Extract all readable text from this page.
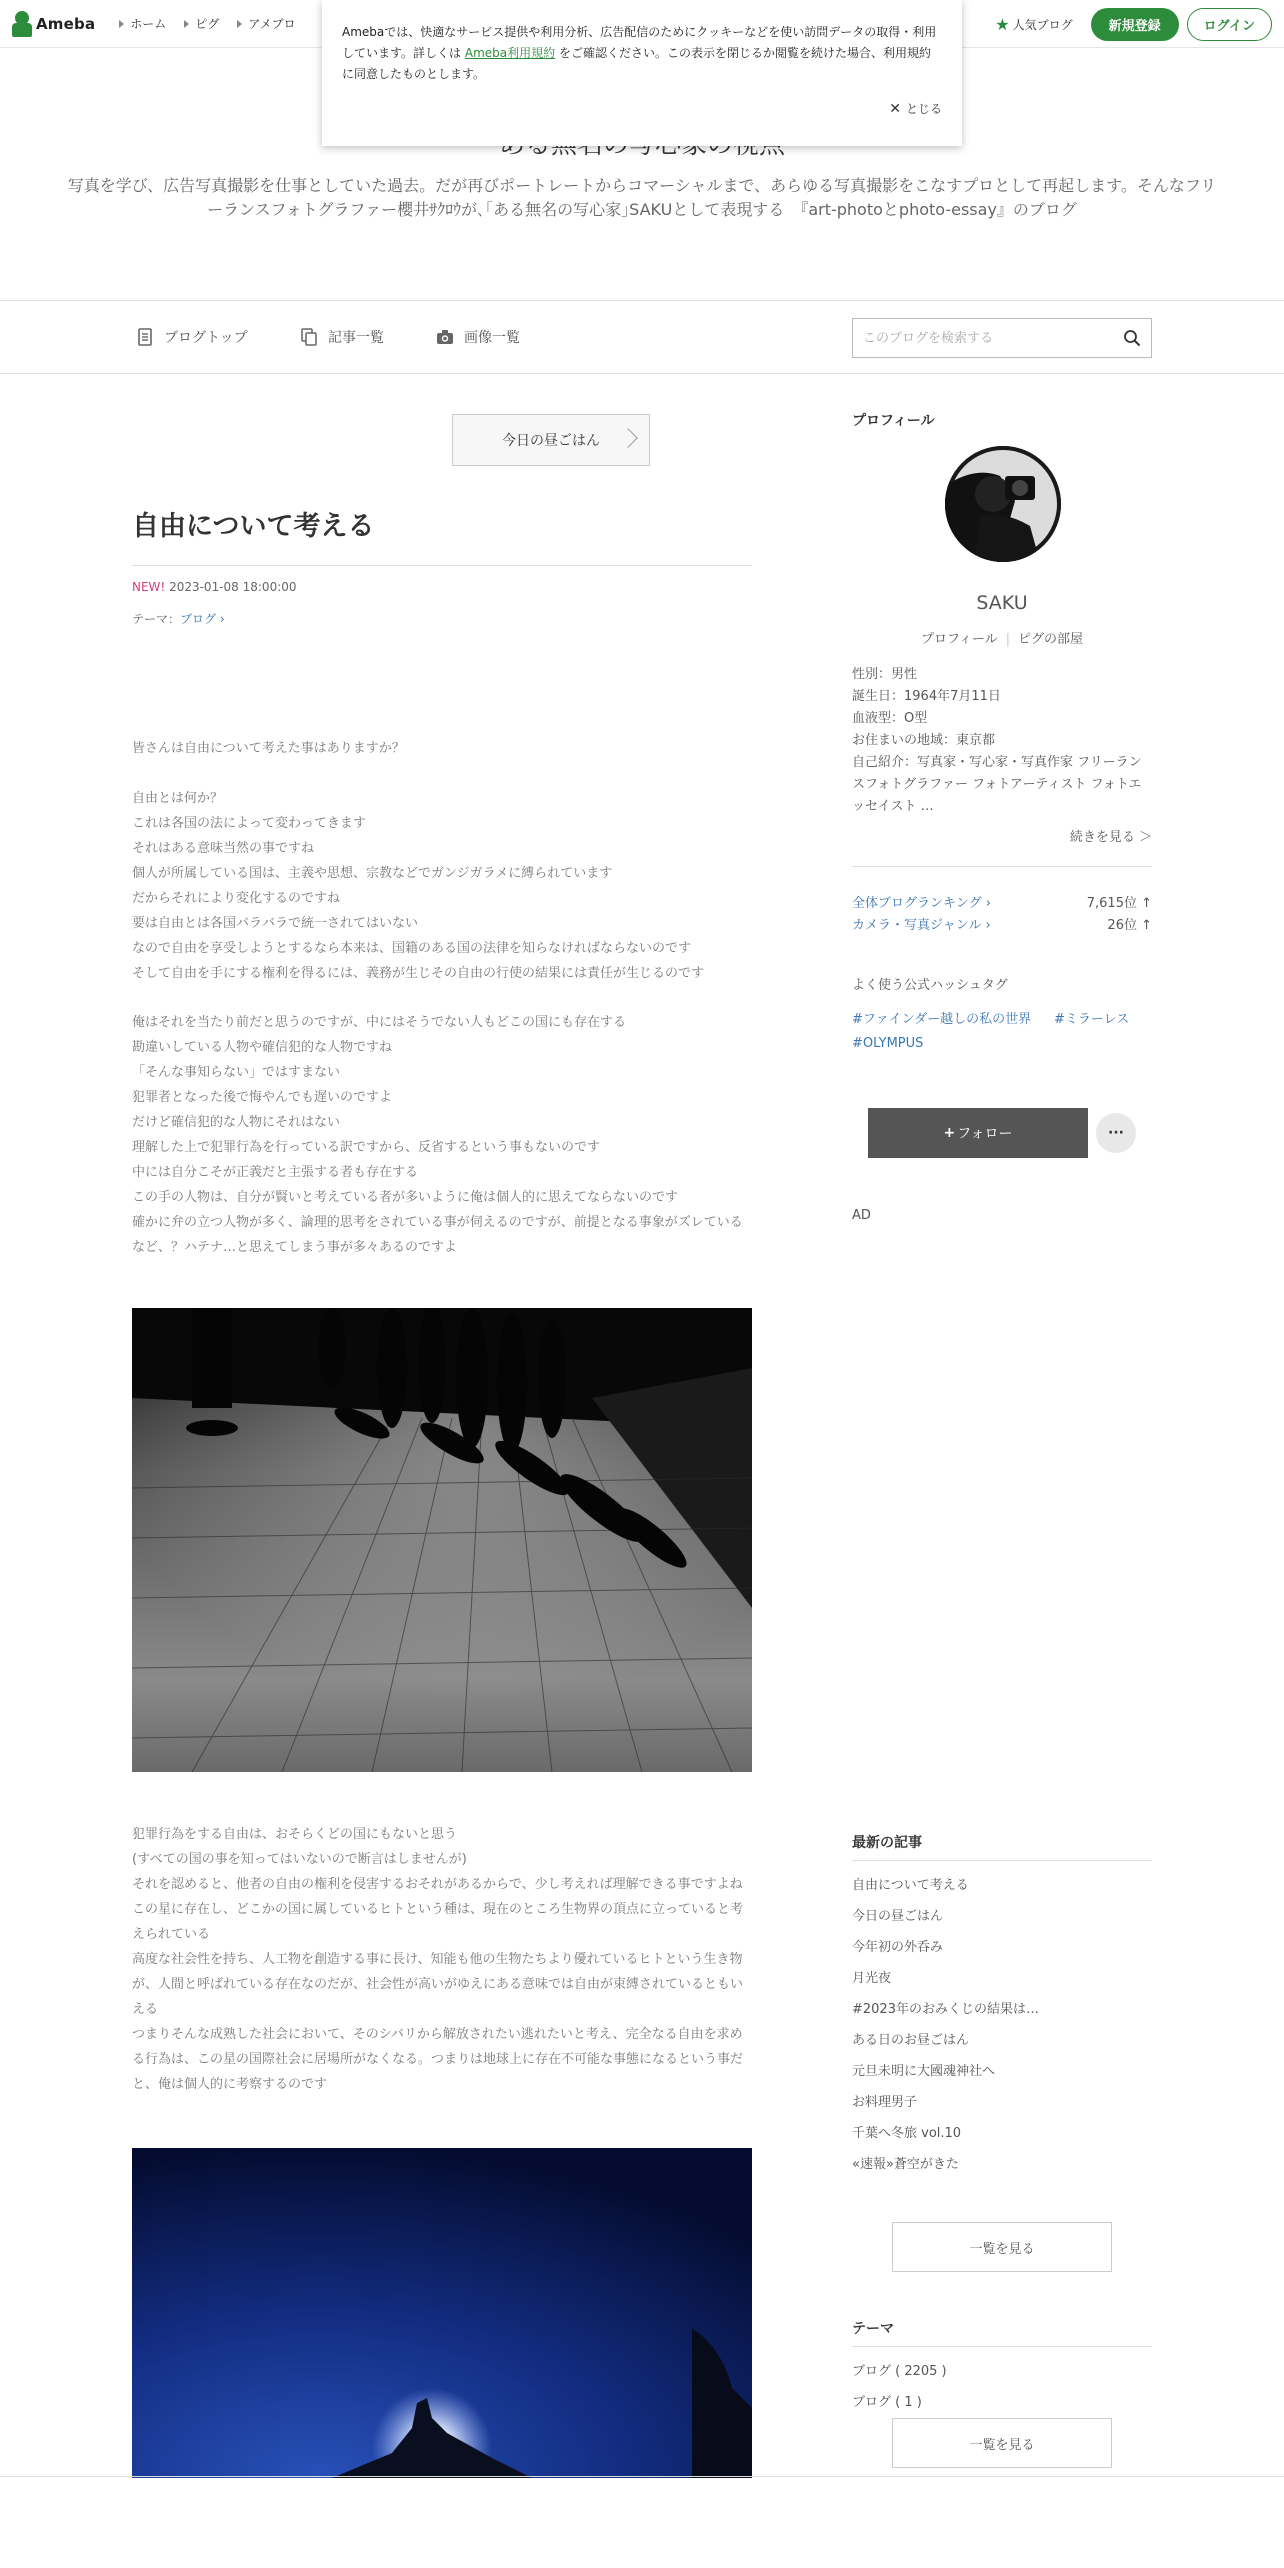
Ameba	ホーム ピグ アメブロ	★ 人気ブログ	新規登録	ログイン

Amebaでは、快適なサービス提供や利用分析、広告配信のためにクッキーなどを使い訪問データの取得・利用しています。詳しくは Ameba利用規約 をご確認ください。この表示を閉じるか閲覧を続けた場合、利用規約に同意したものとします。

✕ とじる
写真を学び、広告写真撮影を仕事としていた過去。だが再びポートレートからコマーシャルまで、あらゆる写真撮影をこなすプロとして再起します。そんなフリーランスフォトグラファー櫻井ｻｸﾛｳが､｢ある無名の写心家｣SAKUとして表現する　『art-photoとphoto-essay』のブログ
ブログトップ	記事一覧	画像一覧
このブログを検索する
今日の昼ごはん
自由について考える
NEW! 2023-01-08 18:00:00
テーマ：ブログ ›
皆さんは自由について考えた事はありますか？
自由とは何か？
これは各国の法によって変わってきます
それはある意味当然の事ですね
個人が所属している国は、主義や思想、宗教などでガンジガラメに縛られています
だからそれにより変化するのですね
要は自由とは各国バラバラで統一されてはいない
なので自由を享受しようとするなら本来は、国籍のある国の法律を知らなければならないのです
そして自由を手にする権利を得るには、義務が生じその自由の行使の結果には責任が生じるのです
俺はそれを当たり前だと思うのですが、中にはそうでない人もどこの国にも存在する
勘違いしている人物や確信犯的な人物ですね
「そんな事知らない」ではすまない
犯罪者となった後で悔やんでも遅いのですよ
だけど確信犯的な人物にそれはない
理解した上で犯罪行為を行っている訳ですから、反省するという事もないのです
中には自分こそが正義だと主張する者も存在する
この手の人物は、自分が賢いと考えている者が多いように俺は個人的に思えてならないのです
確かに弁の立つ人物が多く、論理的思考をされている事が伺えるのですが、前提となる事象がズレているなど、？ハテナ…と思えてしまう事が多々あるのですよ
犯罪行為をする自由は、おそらくどの国にもないと思う
(すべての国の事を知ってはいないので断言はしませんが)
それを認めると、他者の自由の権利を侵害するおそれがあるからで、少し考えれば理解できる事ですよね
この星に存在し、どこかの国に属しているヒトという種は、現在のところ生物界の頂点に立っていると考えられている
高度な社会性を持ち、人工物を創造する事に長け、知能も他の生物たちより優れているヒトという生き物が、人間と呼ばれている存在なのだが、社会性が高いがゆえにある意味では自由が束縛されているともいえる
つまりそんな成熟した社会において、そのシバリから解放されたい逃れたいと考え、完全なる自由を求める行為は、この星の国際社会に居場所がなくなる。つまりは地球上に存在不可能な事態になるという事だと、俺は個人的に考察するのです
プロフィール
SAKU
プロフィール | ピグの部屋
性別：男性
誕生日：1964年7月11日
血液型：O型
お住まいの地域：東京都
自己紹介：写真家・写心家・写真作家 フリーランスフォトグラファー フォトアーティスト フォトエッセイスト …
続きを見る ＞
全体ブログランキング ›	7,615位 ↑
カメラ・写真ジャンル ›	26位 ↑
よく使う公式ハッシュタグ
#ファインダー越しの私の世界 #ミラーレス
#OLYMPUS
+ フォロー	···
AD
最新の記事
自由について考える
今日の昼ごはん
今年初の外呑み
月光夜
#2023年のおみくじの結果は…
ある日のお昼ごはん
元旦未明に大國魂神社へ
お料理男子
千葉へ冬旅 vol.10
«速報»蒼空がきた
一覧を見る
テーマ
ブログ ( 2205 )
ブログ ( 1 )
一覧を見る
